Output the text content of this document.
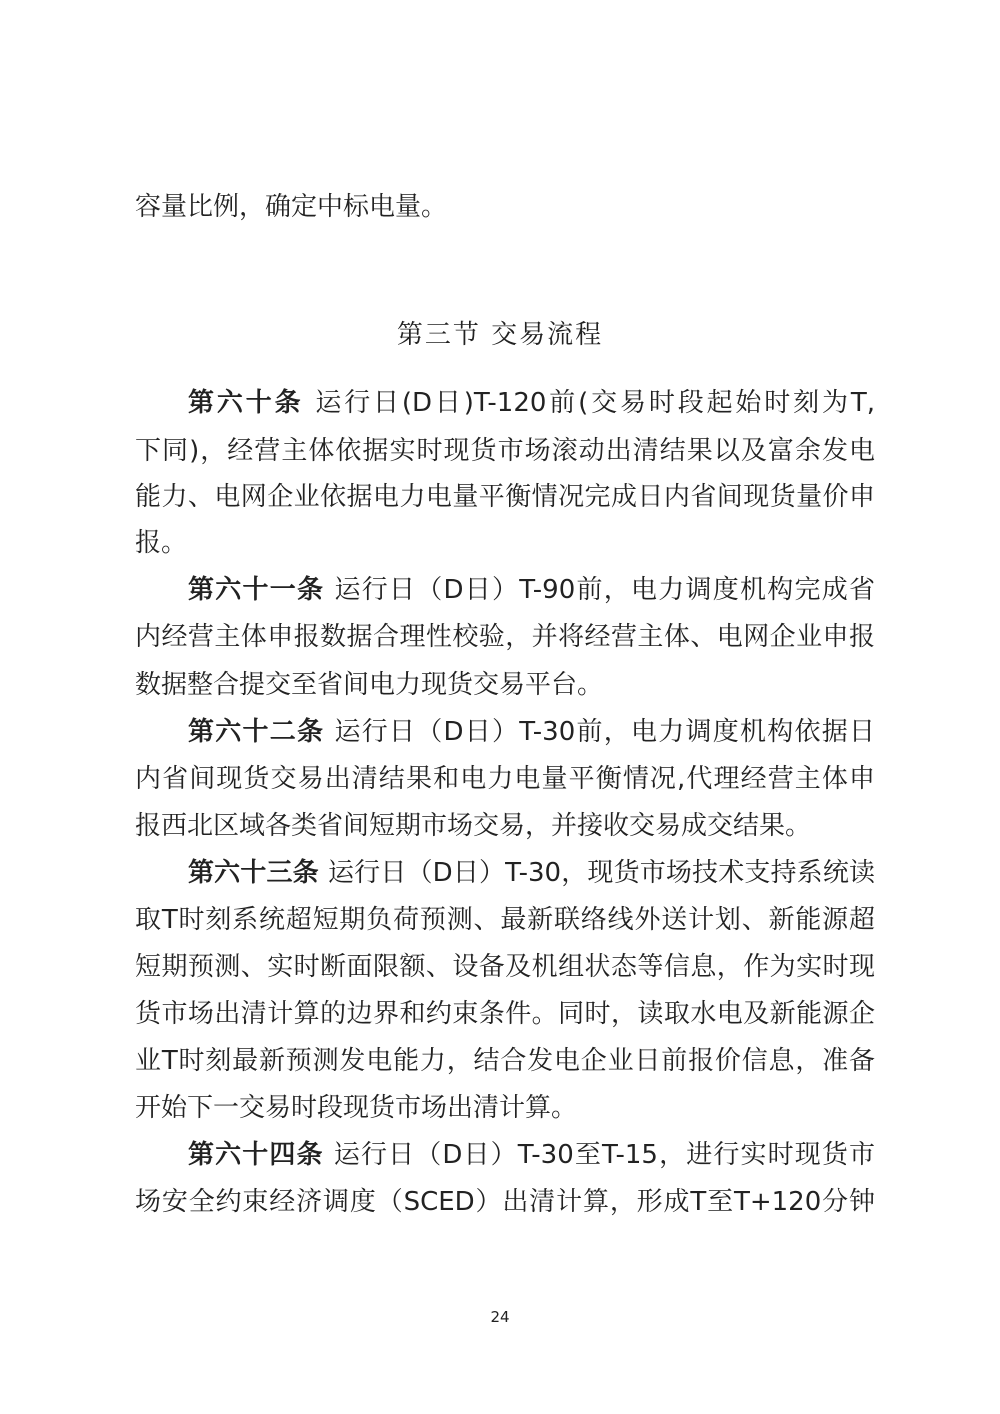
容量比例，确定中标电量。
第三节 交易流程
第六十条 运行日(D日)T-120前(交易时段起始时刻为T,
下同)，经营主体依据实时现货市场滚动出清结果以及富余发电
能力、电网企业依据电力电量平衡情况完成日内省间现货量价申
报。
第六十一条 运行日（D日）T-90前，电力调度机构完成省
内经营主体申报数据合理性校验，并将经营主体、电网企业申报
数据整合提交至省间电力现货交易平台。
第六十二条 运行日（D日）T-30前，电力调度机构依据日
内省间现货交易出清结果和电力电量平衡情况,代理经营主体申
报西北区域各类省间短期市场交易，并接收交易成交结果。
第六十三条 运行日（D日）T-30，现货市场技术支持系统读
取T时刻系统超短期负荷预测、最新联络线外送计划、新能源超
短期预测、实时断面限额、设备及机组状态等信息，作为实时现
货市场出清计算的边界和约束条件。同时，读取水电及新能源企
业T时刻最新预测发电能力，结合发电企业日前报价信息，准备
开始下一交易时段现货市场出清计算。
第六十四条 运行日（D日）T-30至T-15，进行实时现货市
场安全约束经济调度（SCED）出清计算，形成T至T+120分钟
24
